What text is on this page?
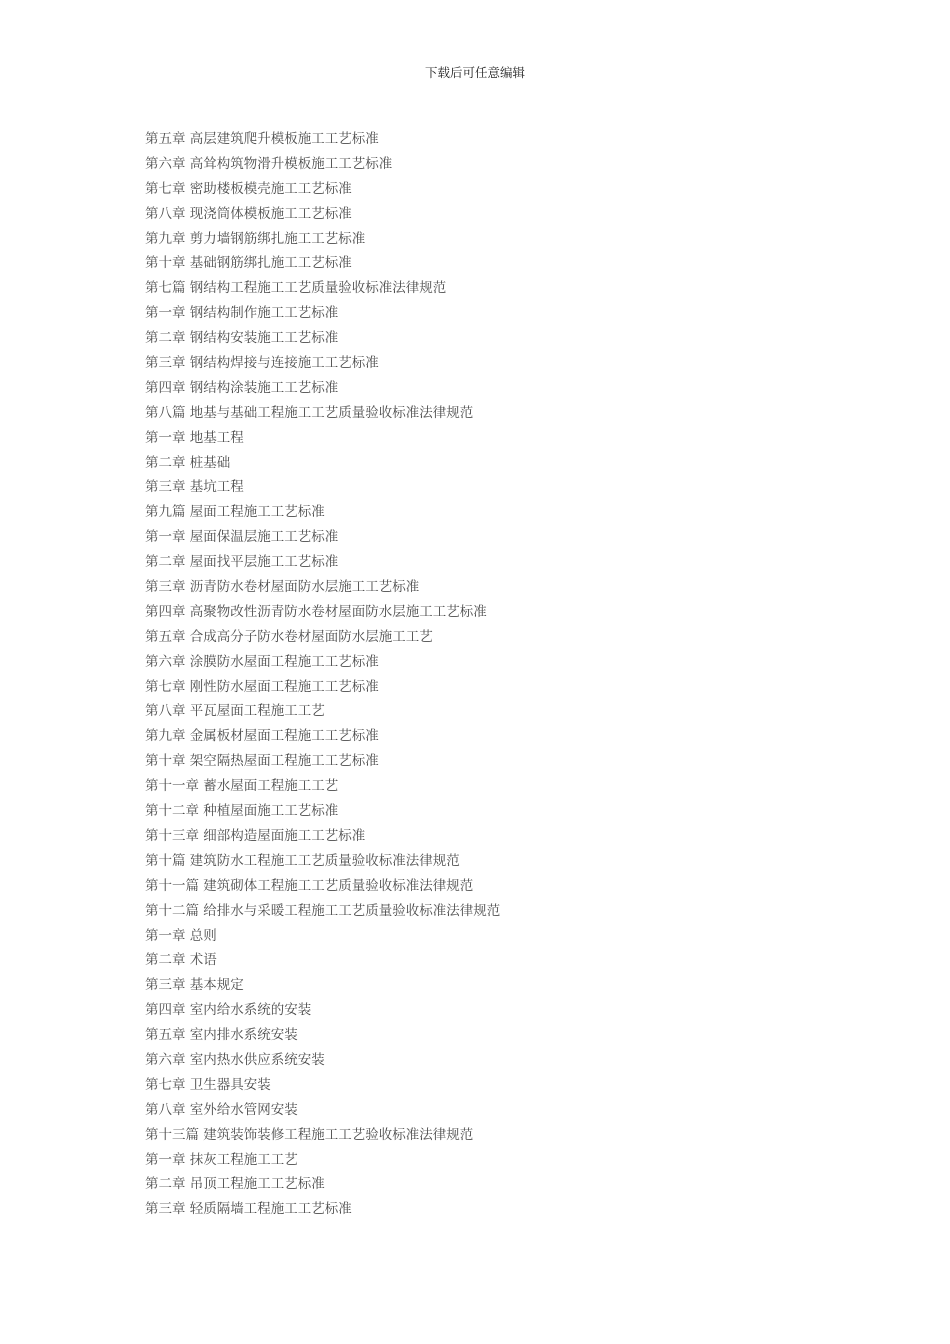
下载后可任意编辑
第五章 高层建筑爬升模板施工工艺标准
第六章 高耸构筑物滑升模板施工工艺标准
第七章 密助楼板模壳施工工艺标准
第八章 现浇筒体模板施工工艺标准
第九章 剪力墙钢筋绑扎施工工艺标准
第十章 基础钢筋绑扎施工工艺标准
第七篇 钢结构工程施工工艺质量验收标准法律规范
第一章 钢结构制作施工工艺标准
第二章 钢结构安装施工工艺标准
第三章 钢结构焊接与连接施工工艺标准
第四章 钢结构涂装施工工艺标准
第八篇 地基与基础工程施工工艺质量验收标准法律规范
第一章 地基工程
第二章 桩基础
第三章 基坑工程
第九篇 屋面工程施工工艺标准
第一章 屋面保温层施工工艺标准
第二章 屋面找平层施工工艺标准
第三章 沥青防水卷材屋面防水层施工工艺标准
第四章 高聚物改性沥青防水卷材屋面防水层施工工艺标准
第五章 合成高分子防水卷材屋面防水层施工工艺
第六章 涂膜防水屋面工程施工工艺标准
第七章 刚性防水屋面工程施工工艺标准
第八章 平瓦屋面工程施工工艺
第九章 金属板材屋面工程施工工艺标准
第十章 架空隔热屋面工程施工工艺标准
第十一章 蓄水屋面工程施工工艺
第十二章 种植屋面施工工艺标准
第十三章 细部构造屋面施工工艺标准
第十篇 建筑防水工程施工工艺质量验收标准法律规范
第十一篇 建筑砌体工程施工工艺质量验收标准法律规范
第十二篇 给排水与采暖工程施工工艺质量验收标准法律规范
第一章 总则
第二章 术语
第三章 基本规定
第四章 室内给水系统的安装
第五章 室内排水系统安装
第六章 室内热水供应系统安装
第七章 卫生器具安装
第八章 室外给水管网安装
第十三篇 建筑装饰装修工程施工工艺验收标准法律规范
第一章 抹灰工程施工工艺
第二章 吊顶工程施工工艺标准
第三章 轻质隔墙工程施工工艺标准
